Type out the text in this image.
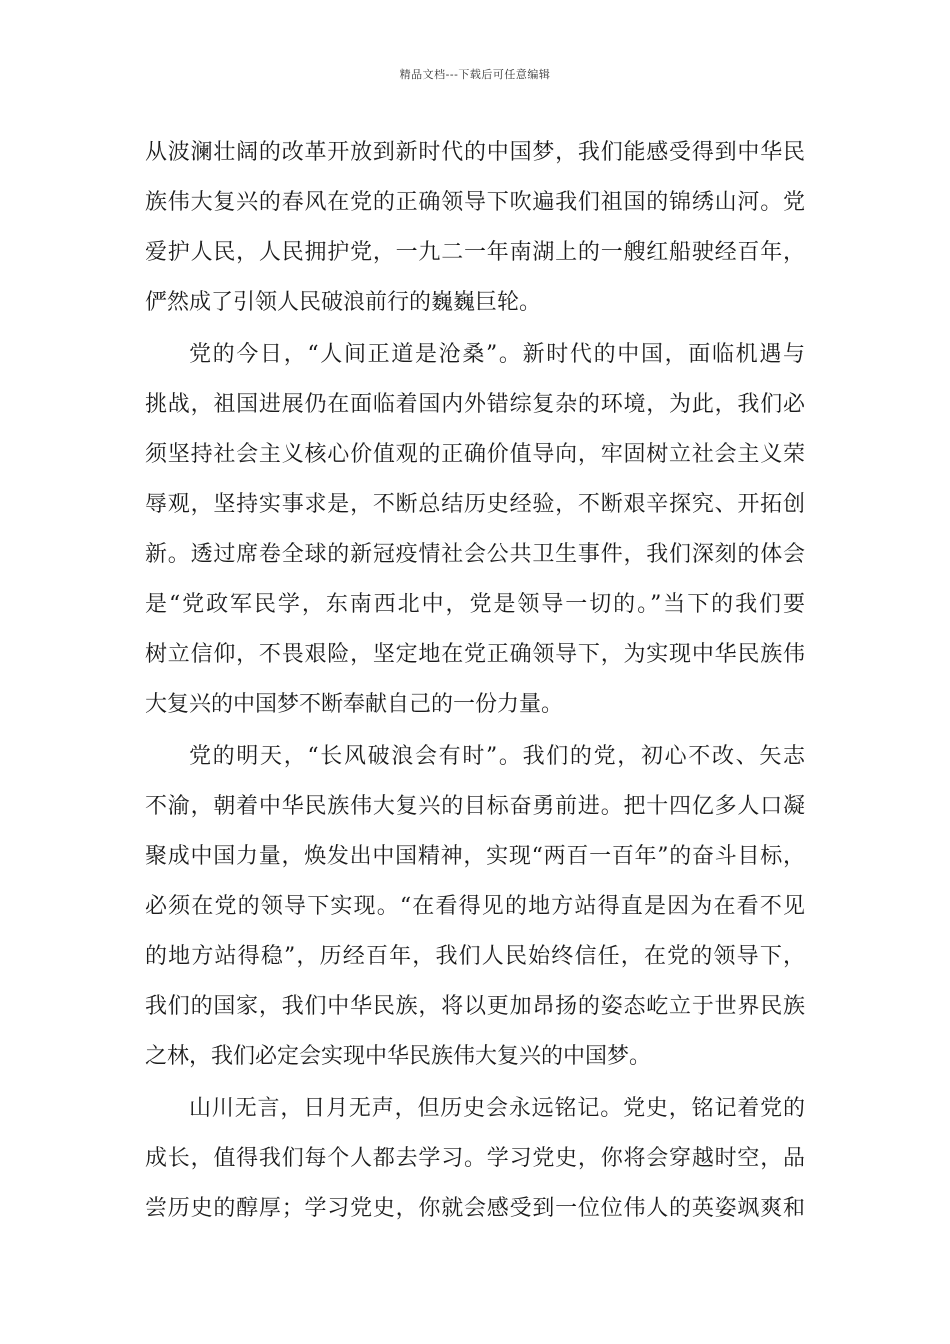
精品文档---下载后可任意编辑
从波澜壮阔的改革开放到新时代的中国梦，我们能感受得到中华民
族伟大复兴的春风在党的正确领导下吹遍我们祖国的锦绣山河。党
爱护人民，人民拥护党，一九二一年南湖上的一艘红船驶经百年，
俨然成了引领人民破浪前行的巍巍巨轮。
党的今日，“人间正道是沧桑”。新时代的中国，面临机遇与
挑战，祖国进展仍在面临着国内外错综复杂的环境，为此，我们必
须坚持社会主义核心价值观的正确价值导向，牢固树立社会主义荣
辱观，坚持实事求是，不断总结历史经验，不断艰辛探究、开拓创
新。透过席卷全球的新冠疫情社会公共卫生事件，我们深刻的体会
是“党政军民学，东南西北中，党是领导一切的。”当下的我们要
树立信仰，不畏艰险，坚定地在党正确领导下，为实现中华民族伟
大复兴的中国梦不断奉献自己的一份力量。
党的明天，“长风破浪会有时”。我们的党，初心不改、矢志
不渝，朝着中华民族伟大复兴的目标奋勇前进。把十四亿多人口凝
聚成中国力量，焕发出中国精神，实现“两百一百年”的奋斗目标，
必须在党的领导下实现。“在看得见的地方站得直是因为在看不见
的地方站得稳”，历经百年，我们人民始终信任，在党的领导下，
我们的国家，我们中华民族，将以更加昂扬的姿态屹立于世界民族
之林，我们必定会实现中华民族伟大复兴的中国梦。
山川无言，日月无声，但历史会永远铭记。党史，铭记着党的
成长，值得我们每个人都去学习。学习党史，你将会穿越时空，品
尝历史的醇厚；学习党史，你就会感受到一位位伟人的英姿飒爽和
